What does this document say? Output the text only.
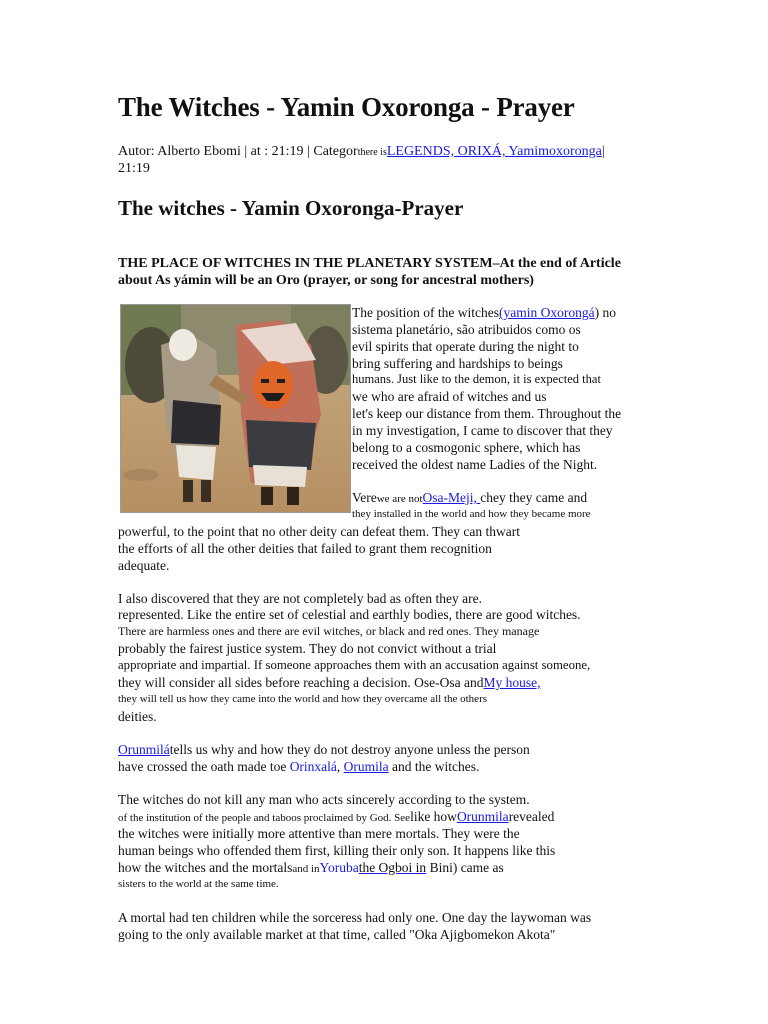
The Witches - Yamin Oxoronga - Prayer
Autor: Alberto Ebomi | at : 21:19 | Categorthere isLEGENDS, ORIXÁ, Yamimoxoronga|
21:19
The witches - Yamin Oxoronga-Prayer
THE PLACE OF WITCHES IN THE PLANETARY SYSTEM–At the end of Article about As yámin will be an Oro (prayer, or song for ancestral mothers)
The position of the witches(yamin Oxorongá) no
sistema planetário, são atribuidos como os
evil spirits that operate during the night to
bring suffering and hardships to beings
humans. Just like to the demon, it is expected that
we who are afraid of witches and us
let's keep our distance from them. Throughout the
in my investigation, I came to discover that they
belong to a cosmogonic sphere, which has
received the oldest name Ladies of the Night.
Verewe are notOsa-Meji, chey they came and
they installed in the world and how they became more
powerful, to the point that no other deity can defeat them. They can thwart
the efforts of all the other deities that failed to grant them recognition
adequate.
I also discovered that they are not completely bad as often they are.
represented. Like the entire set of celestial and earthly bodies, there are good witches.
There are harmless ones and there are evil witches, or black and red ones. They manage
probably the fairest justice system. They do not convict without a trial
appropriate and impartial. If someone approaches them with an accusation against someone,
they will consider all sides before reaching a decision. Ose-Osa andMy house,
they will tell us how they came into the world and how they overcame all the others
deities.
Orunmilátells us why and how they do not destroy anyone unless the person
have crossed the oath made toe Orinxalá, Orumila and the witches.
The witches do not kill any man who acts sincerely according to the system.
of the institution of the people and taboos proclaimed by God. Seelike howOrunmilarevealed
the witches were initially more attentive than mere mortals. They were the
human beings who offended them first, killing their only son. It happens like this
how the witches and the mortalsand inYorubathe Ogboi in Bini) came as
sisters to the world at the same time.
A mortal had ten children while the sorceress had only one. One day the laywoman was
going to the only available market at that time, called "Oka Ajigbomekon Akota"
